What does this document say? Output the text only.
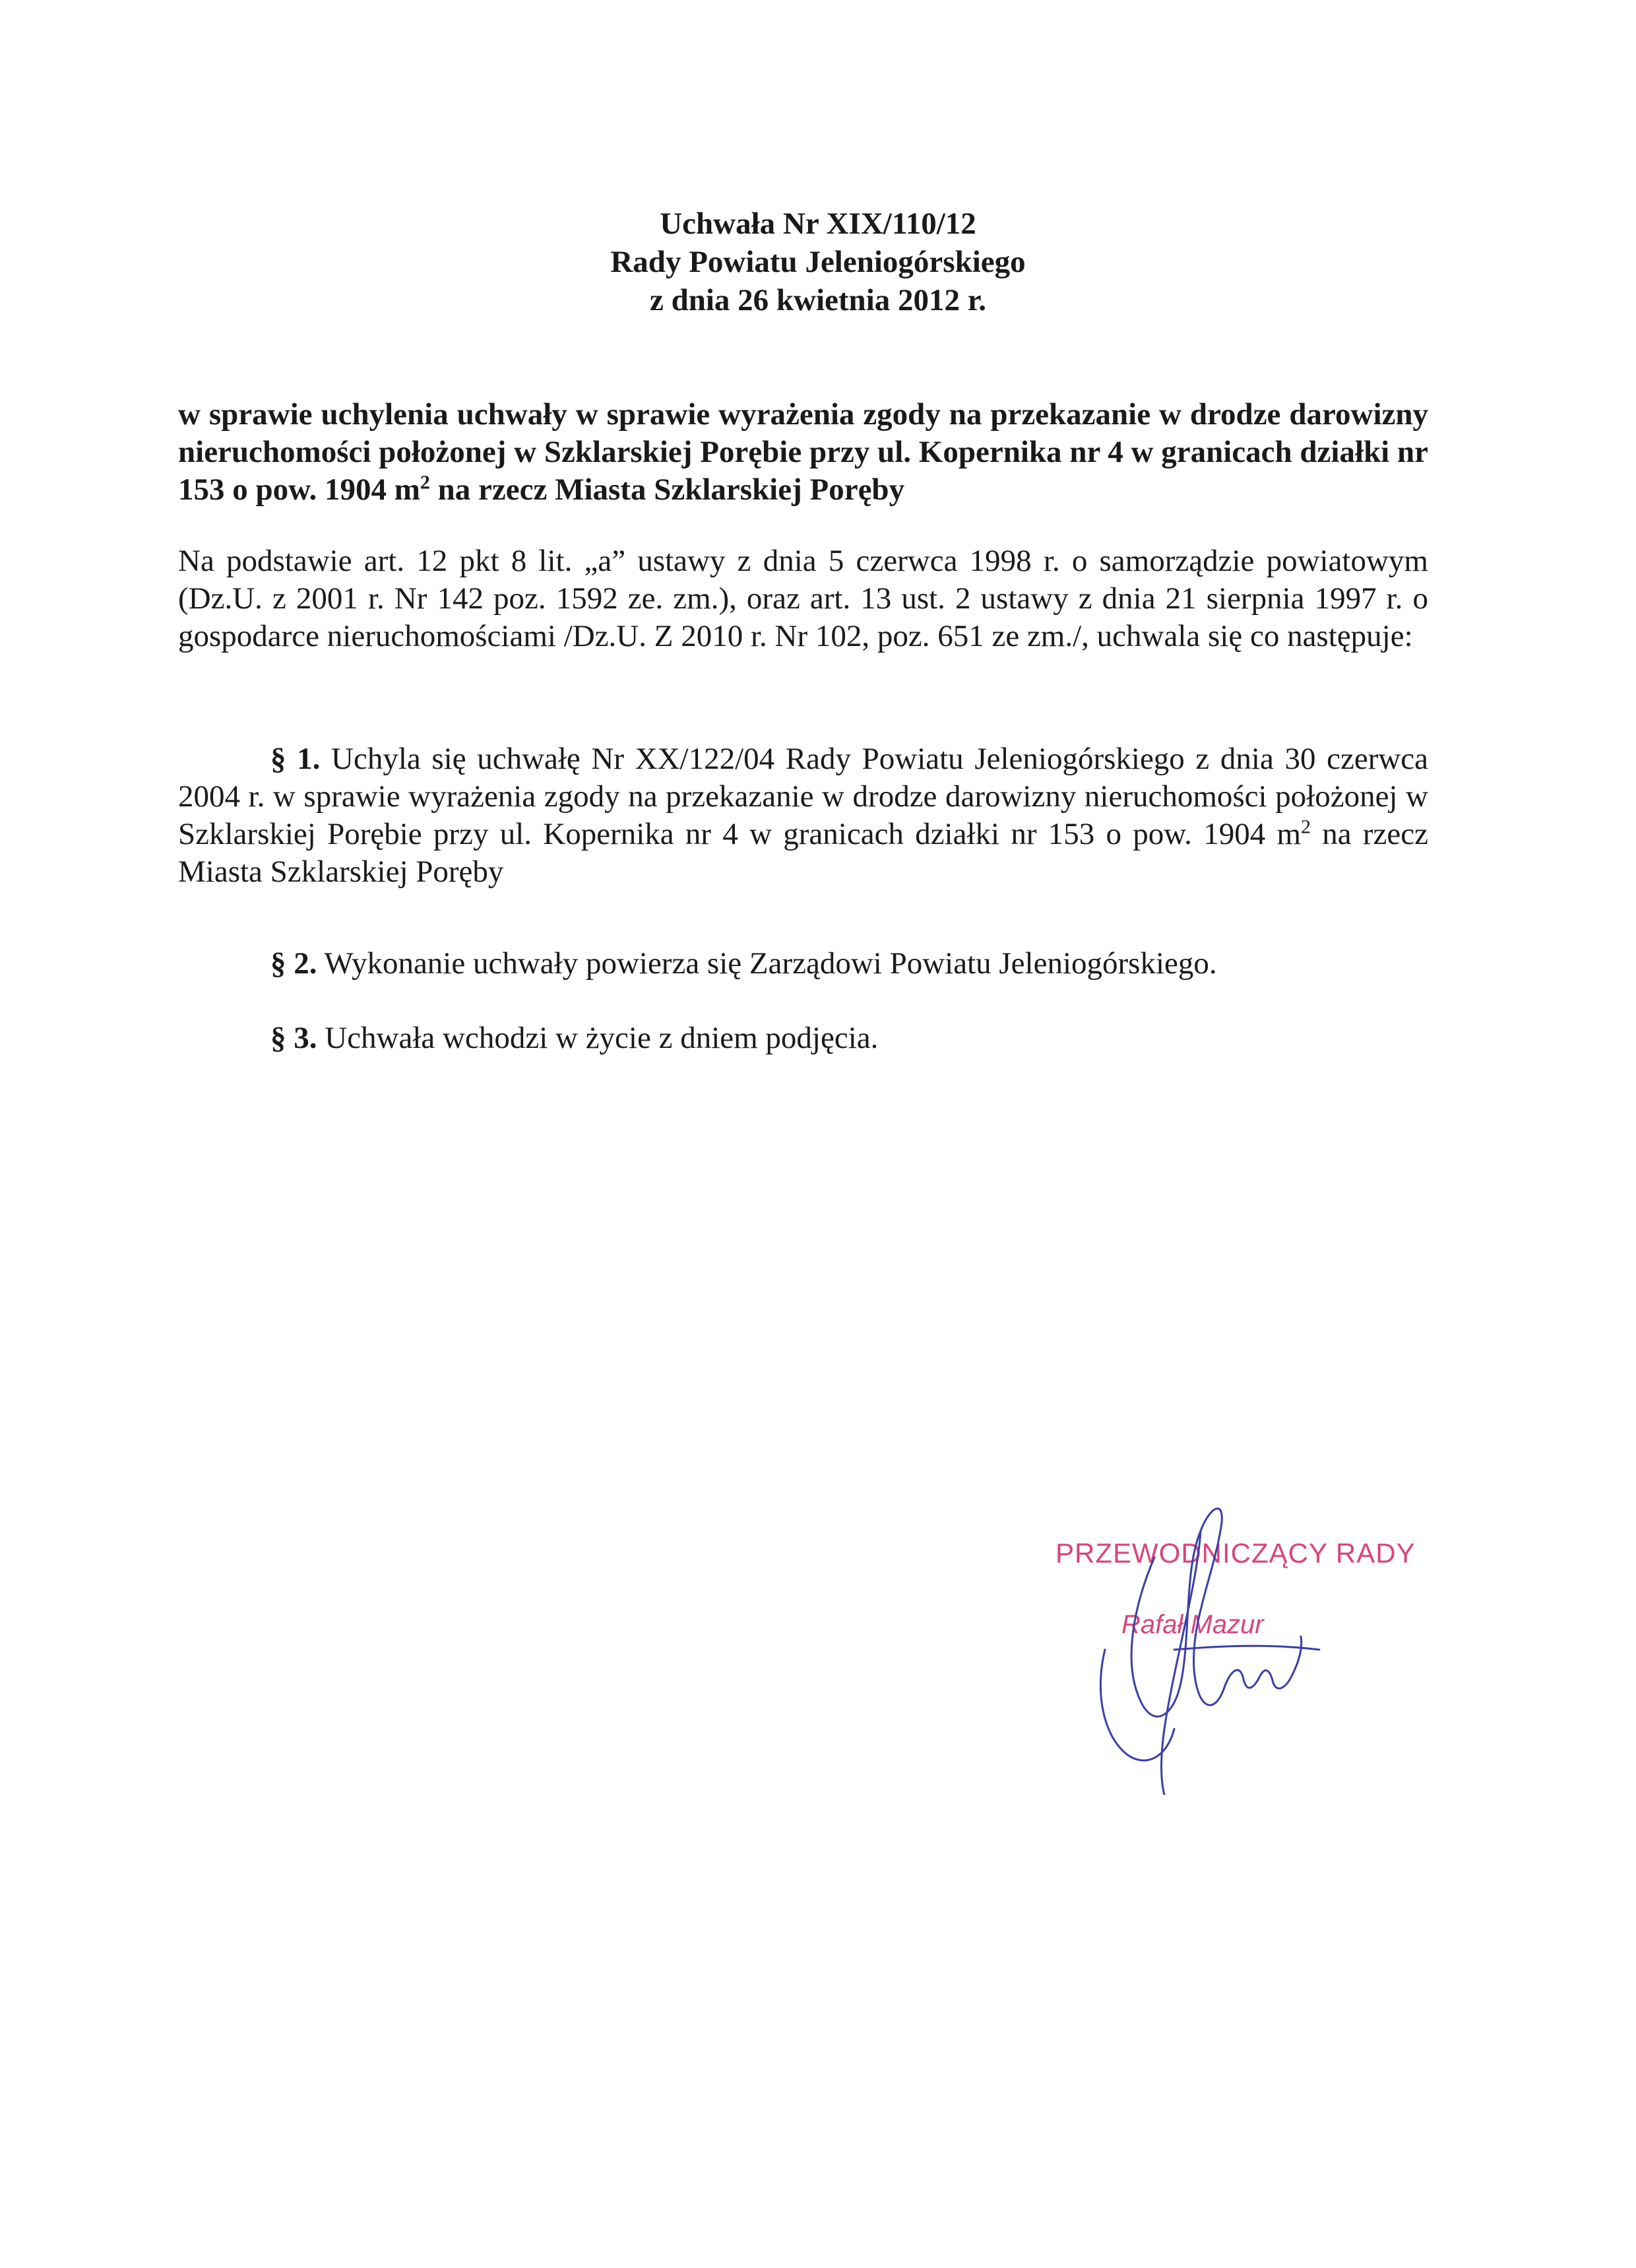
Uchwała Nr XIX/110/12
Rady Powiatu Jeleniogórskiego
z dnia 26 kwietnia 2012 r.
w sprawie uchylenia uchwały w sprawie wyrażenia zgody na przekazanie w drodze darowizny nieruchomości położonej w Szklarskiej Porębie przy ul. Kopernika nr 4 w granicach działki nr 153 o pow. 1904 $m^2$ na rzecz Miasta Szklarskiej Poręby
Na podstawie art. 12 pkt 8 lit. „a” ustawy z dnia 5 czerwca 1998 r. o samorządzie powiatowym (Dz.U. z 2001 r. Nr 142 poz. 1592 ze. zm.), oraz art. 13 ust. 2 ustawy z dnia 21 sierpnia 1997 r. o gospodarce nieruchomościami /Dz.U. Z 2010 r. Nr 102, poz. 651 ze zm./, uchwala się co następuje:
§ 1. Uchyla się uchwałę Nr XX/122/04 Rady Powiatu Jeleniogórskiego z dnia 30 czerwca 2004 r. w sprawie wyrażenia zgody na przekazanie w drodze darowizny nieruchomości położonej w Szklarskiej Porębie przy ul. Kopernika nr 4 w granicach działki nr 153 o pow. 1904 $m^2$ na rzecz Miasta Szklarskiej Poręby
§ 2. Wykonanie uchwały powierza się Zarządowi Powiatu Jeleniogórskiego.
§ 3. Uchwała wchodzi w życie z dniem podjęcia.
PRZEWODNICZĄCY RADY
Rafał Mazur
